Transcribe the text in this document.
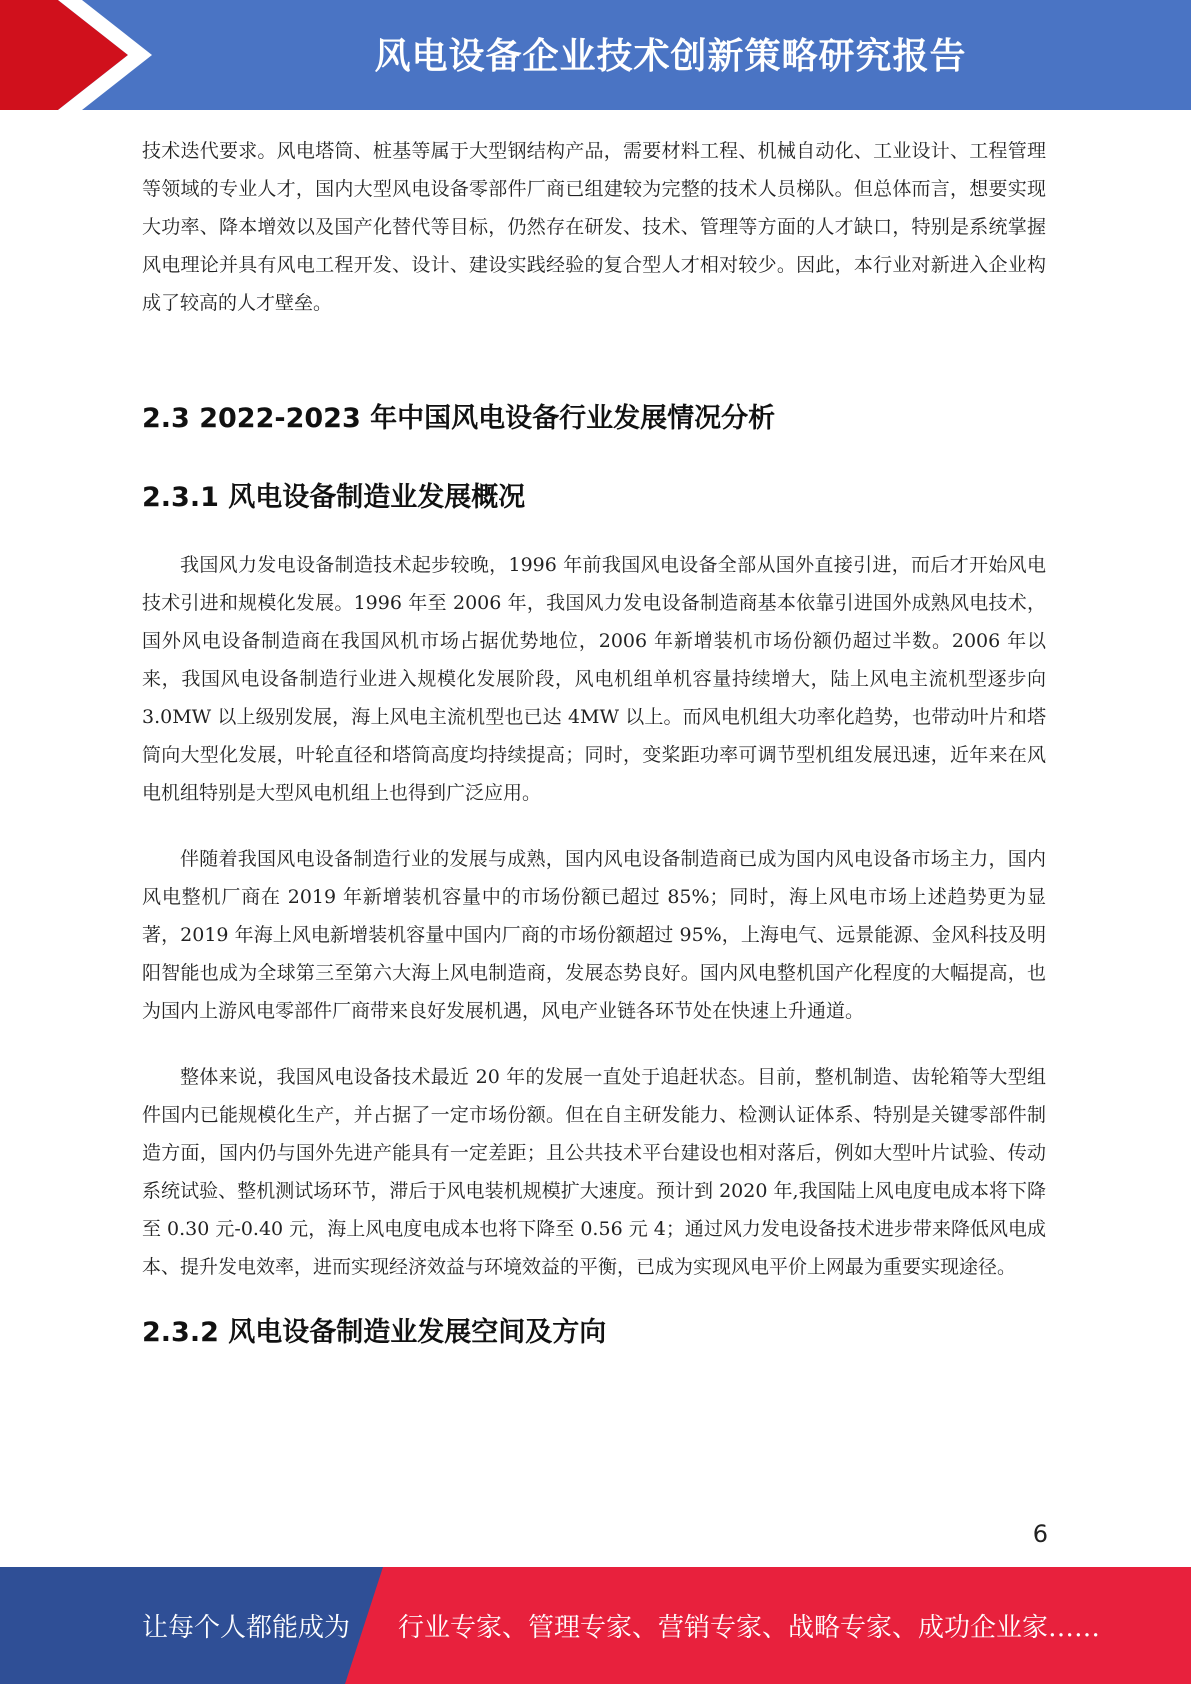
风电设备企业技术创新策略研究报告

技术迭代要求。风电塔筒、桩基等属于大型钢结构产品，需要材料工程、机械自动化、工业设计、工程管理等领域的专业人才，国内大型风电设备零部件厂商已组建较为完整的技术人员梯队。但总体而言，想要实现大功率、降本增效以及国产化替代等目标，仍然存在研发、技术、管理等方面的人才缺口，特别是系统掌握风电理论并具有风电工程开发、设计、建设实践经验的复合型人才相对较少。因此，本行业对新进入企业构成了较高的人才壁垒。

2.3 2022-2023 年中国风电设备行业发展情况分析
2.3.1 风电设备制造业发展概况

我国风力发电设备制造技术起步较晚，1996 年前我国风电设备全部从国外直接引进，而后才开始风电技术引进和规模化发展。1996 年至 2006 年，我国风力发电设备制造商基本依靠引进国外成熟风电技术，国外风电设备制造商在我国风机市场占据优势地位，2006 年新增装机市场份额仍超过半数。2006 年以来，我国风电设备制造行业进入规模化发展阶段，风电机组单机容量持续增大，陆上风电主流机型逐步向 3.0MW 以上级别发展，海上风电主流机型也已达 4MW 以上。而风电机组大功率化趋势，也带动叶片和塔筒向大型化发展，叶轮直径和塔筒高度均持续提高；同时，变桨距功率可调节型机组发展迅速，近年来在风电机组特别是大型风电机组上也得到广泛应用。

伴随着我国风电设备制造行业的发展与成熟，国内风电设备制造商已成为国内风电设备市场主力，国内风电整机厂商在 2019 年新增装机容量中的市场份额已超过 85%；同时，海上风电市场上述趋势更为显著，2019 年海上风电新增装机容量中国内厂商的市场份额超过 95%，上海电气、远景能源、金风科技及明阳智能也成为全球第三至第六大海上风电制造商，发展态势良好。国内风电整机国产化程度的大幅提高，也为国内上游风电零部件厂商带来良好发展机遇，风电产业链各环节处在快速上升通道。

整体来说，我国风电设备技术最近 20 年的发展一直处于追赶状态。目前，整机制造、齿轮箱等大型组件国内已能规模化生产，并占据了一定市场份额。但在自主研发能力、检测认证体系、特别是关键零部件制造方面，国内仍与国外先进产能具有一定差距；且公共技术平台建设也相对落后，例如大型叶片试验、传动系统试验、整机测试场环节，滞后于风电装机规模扩大速度。预计到 2020 年,我国陆上风电度电成本将下降至 0.30 元-0.40 元，海上风电度电成本也将下降至 0.56 元 4；通过风力发电设备技术进步带来降低风电成本、提升发电效率，进而实现经济效益与环境效益的平衡，已成为实现风电平价上网最为重要实现途径。

2.3.2 风电设备制造业发展空间及方向
6
让每个人都能成为 行业专家、管理专家、营销专家、战略专家、成功企业家……
